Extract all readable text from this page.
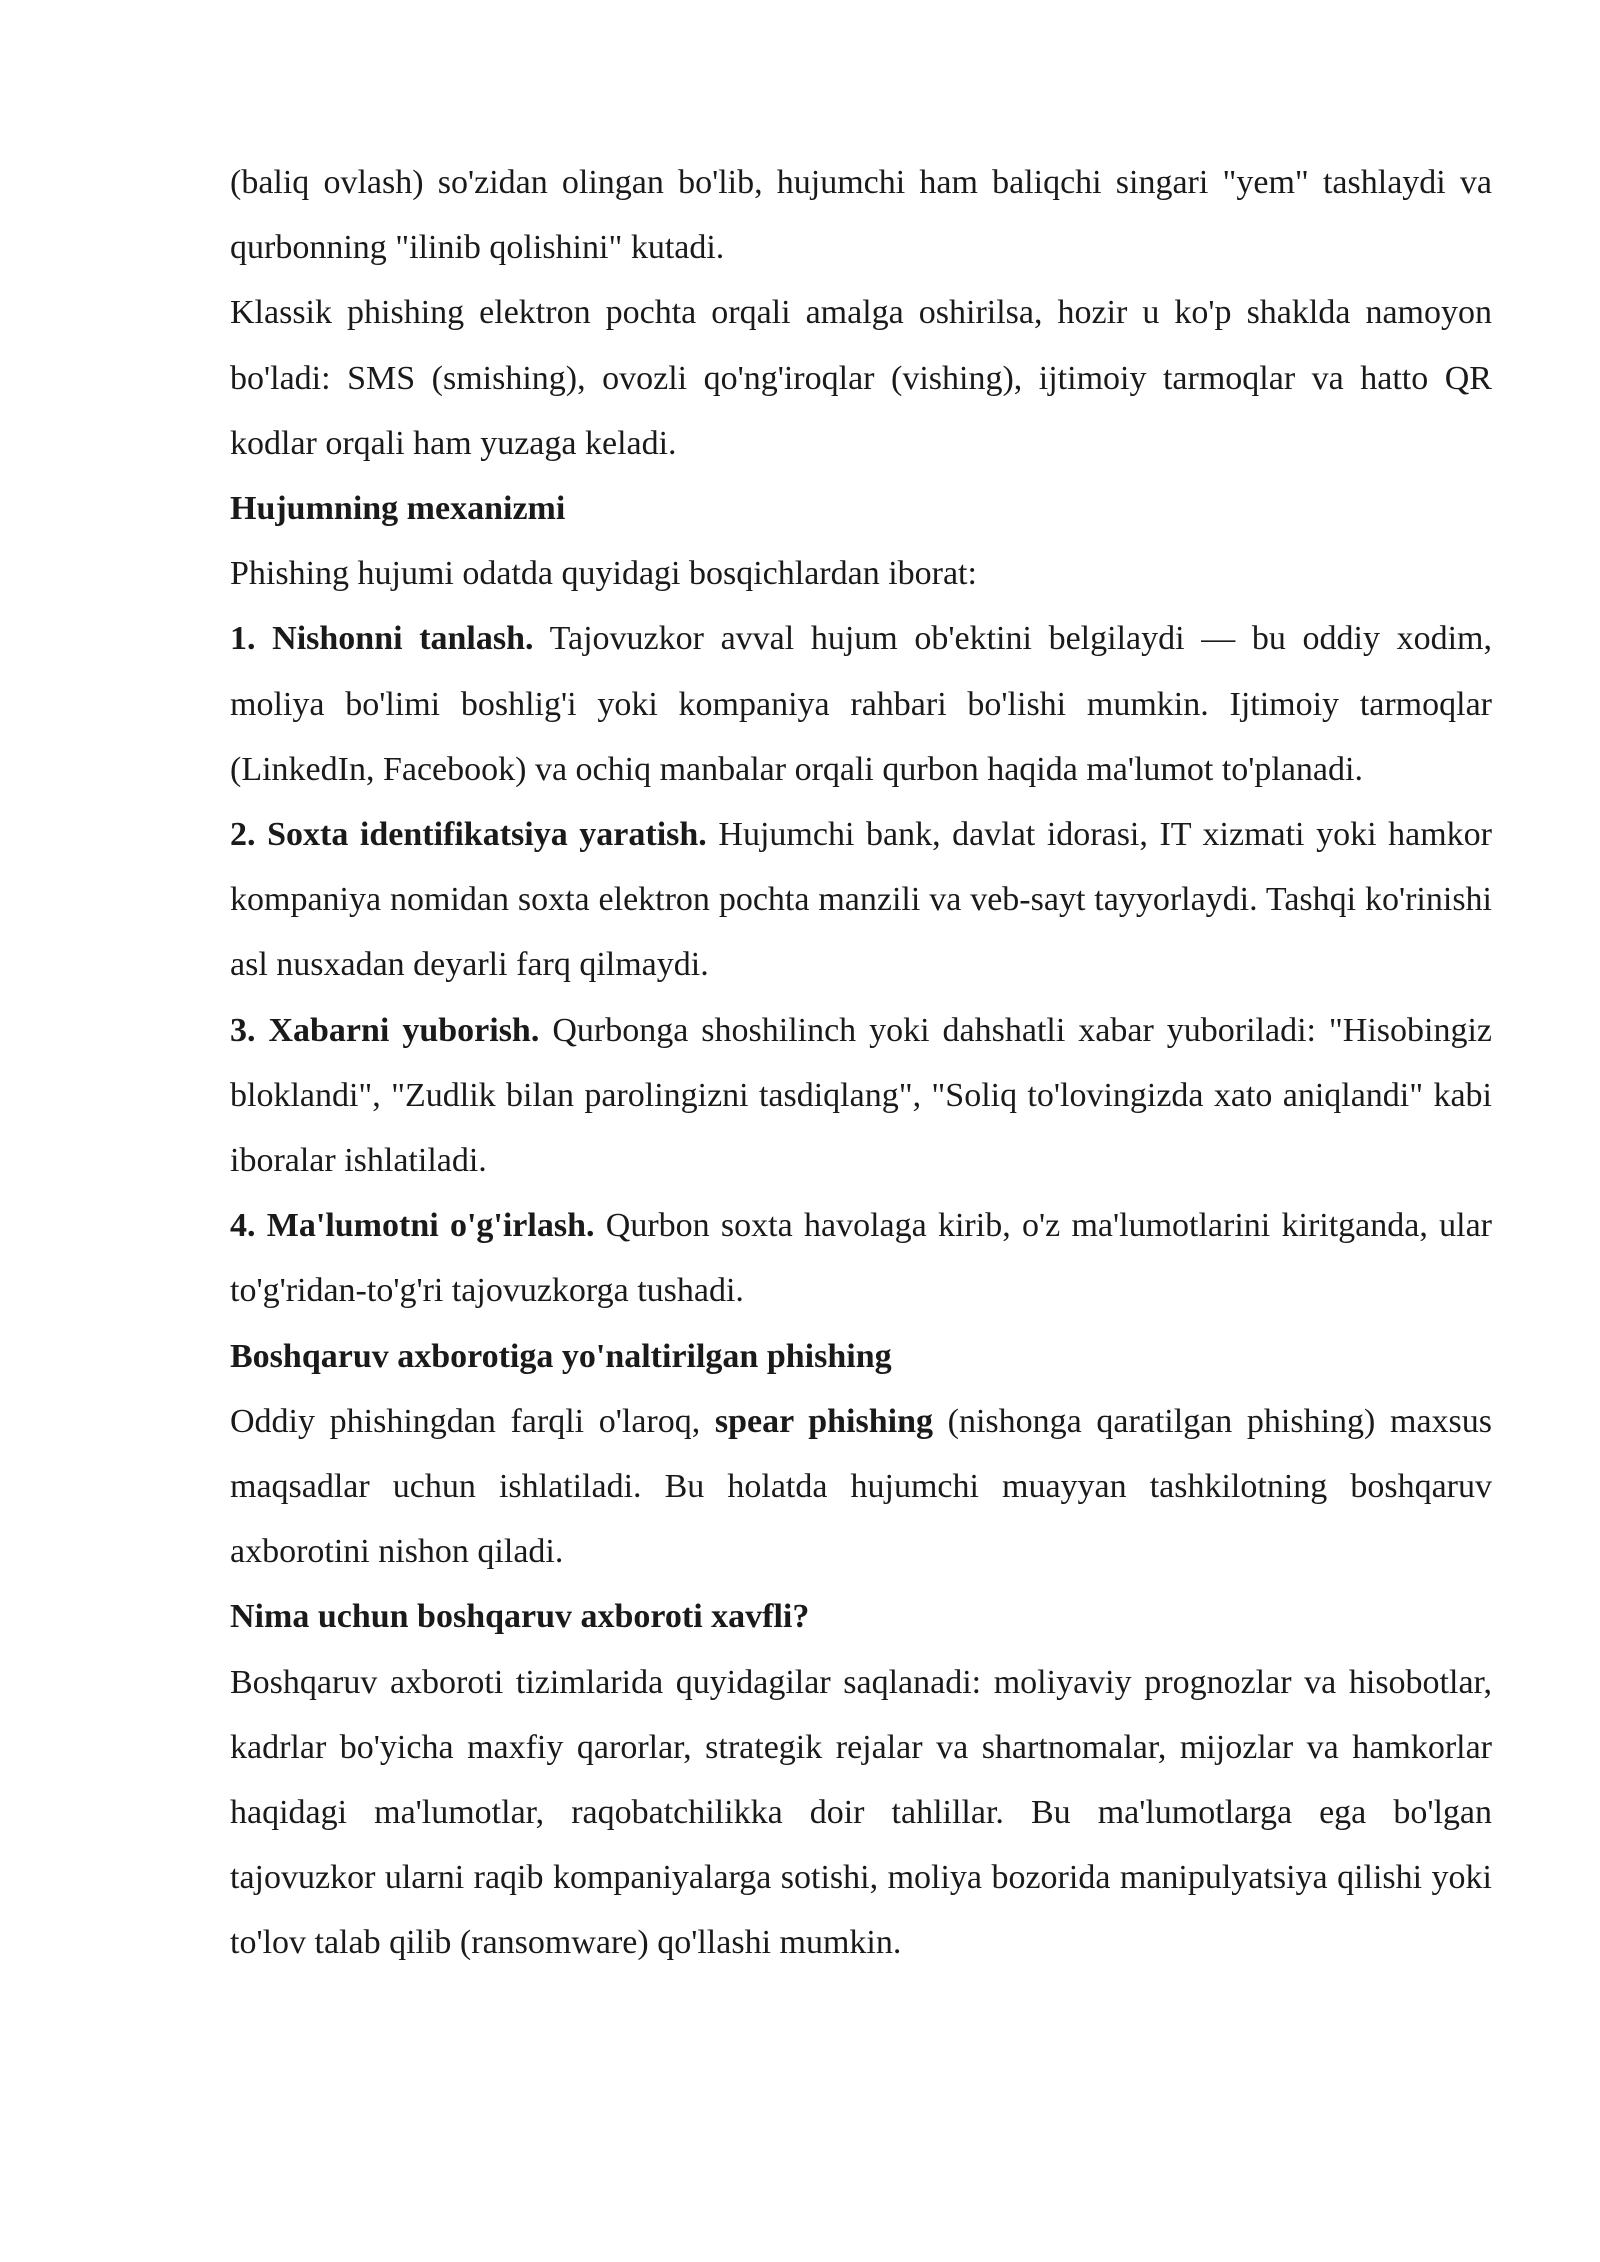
(baliq ovlash) so'zidan olingan bo'lib, hujumchi ham baliqchi singari "yem" tashlaydi va qurbonning "ilinib qolishini" kutadi.

Klassik phishing elektron pochta orqali amalga oshirilsa, hozir u ko'p shaklda namoyon bo'ladi: SMS (smishing), ovozli qo'ng'iroqlar (vishing), ijtimoiy tarmoqlar va hatto QR kodlar orqali ham yuzaga keladi.

Hujumning mexanizmi

Phishing hujumi odatda quyidagi bosqichlardan iborat:

1. Nishonni tanlash. Tajovuzkor avval hujum ob'ektini belgilaydi — bu oddiy xodim, moliya bo'limi boshlig'i yoki kompaniya rahbari bo'lishi mumkin. Ijtimoiy tarmoqlar (LinkedIn, Facebook) va ochiq manbalar orqali qurbon haqida ma'lumot to'planadi.

2. Soxta identifikatsiya yaratish. Hujumchi bank, davlat idorasi, IT xizmati yoki hamkor kompaniya nomidan soxta elektron pochta manzili va veb-sayt tayyorlaydi. Tashqi ko'rinishi asl nusxadan deyarli farq qilmaydi.

3. Xabarni yuborish. Qurbonga shoshilinch yoki dahshatli xabar yuboriladi: "Hisobingiz bloklandi", "Zudlik bilan parolingizni tasdiqlang", "Soliq to'lovingizda xato aniqlandi" kabi iboralar ishlatiladi.

4. Ma'lumotni o'g'irlash. Qurbon soxta havolaga kirib, o'z ma'lumotlarini kiritganda, ular to'g'ridan-to'g'ri tajovuzkorga tushadi.

Boshqaruv axborotiga yo'naltirilgan phishing

Oddiy phishingdan farqli o'laroq, spear phishing (nishonga qaratilgan phishing) maxsus maqsadlar uchun ishlatiladi. Bu holatda hujumchi muayyan tashkilotning boshqaruv axborotini nishon qiladi.

Nima uchun boshqaruv axboroti xavfli?

Boshqaruv axboroti tizimlarida quyidagilar saqlanadi: moliyaviy prognozlar va hisobotlar, kadrlar bo'yicha maxfiy qarorlar, strategik rejalar va shartnomalar, mijozlar va hamkorlar haqidagi ma'lumotlar, raqobatchilikka doir tahlillar. Bu ma'lumotlarga ega bo'lgan tajovuzkor ularni raqib kompaniyalarga sotishi, moliya bozorida manipulyatsiya qilishi yoki to'lov talab qilib (ransomware) qo'llashi mumkin.
